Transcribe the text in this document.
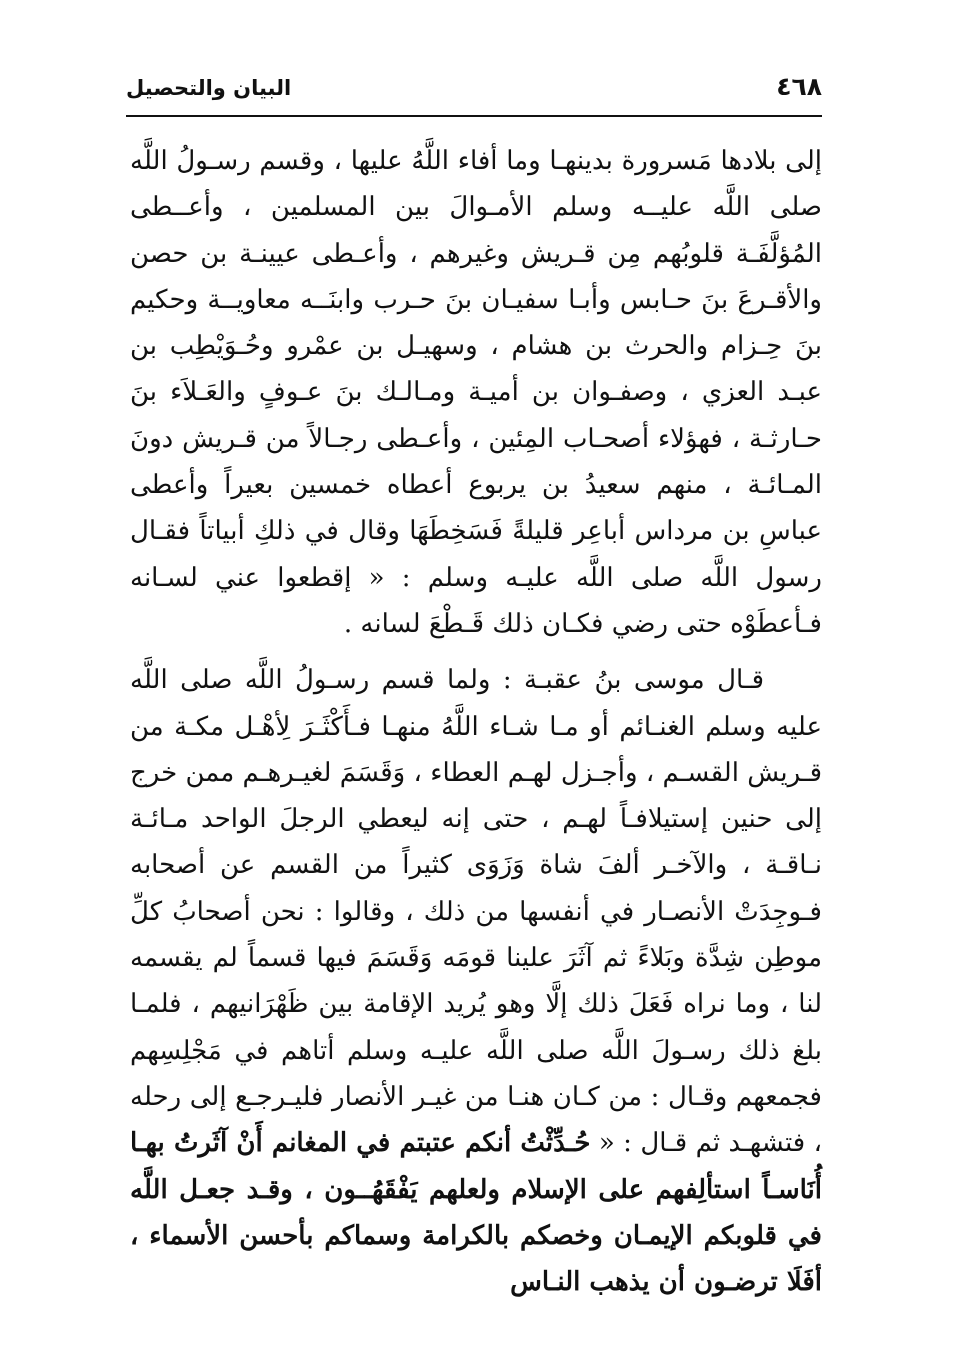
٤٦٨
البيان والتحصيل

إلى بلادها مَسرورة بدينهـا وما أفاء اللَّهُ عليها ، وقسم رسـولُ اللَّه صلى اللَّه عليــه وسلم الأمـوالَ بين المسلمين ، وأعــطى المُؤلَّفَـة قلوبُهم مِن قـريش وغيرهم ، وأعـطى عيينـة بن حصن والأقـرعَ بنَ حـابس وأبـا سفيـان بنَ حـرب وابنَــه معاويــة وحكيم بنَ حِـزام والحرث بن هشام ، وسهيـل بن عمْرو وحُـوَيْطِب بن عبـد العزي ، وصفـوان بن أميـة ومـالـك بنَ عـوفٍ والعَـلاَء بنَ حـارثـة ، فهؤلاء أصحـاب المِئين ، وأعـطى رجـالاً من قـريش دونَ المـائـة ، منهم سعيدُ بن يربوع أعطاه خمسين بعيراً وأعطى عباسِ بن مرداس أباعِر قليلةً فَسَخِطَهَا وقال في ذلكِ أبياتاً فقـال رسول اللَّه صلى اللَّه عليـه وسلم : « إقطعوا عني لسـانه فـأعطَوْه حتى رضي فكـان ذلك قَـطْعَ لسانه .

قـال موسى بنُ عقبـة : ولما قسم رسـولُ اللَّه صلى اللَّه عليه وسلم الغنـائم أو مـا شـاء اللَّهُ منهـا فـأَكْثَـرَ لِأهْـل مكـة من قـريش القسـم ، وأجـزل لهـم العطاء ، وَقَسَمَ لغيـرهـم ممن خرج إلى حنين إستيلافـاً لهـم ، حتى إنه ليعطي الرجلَ الواحد مـائـة نـاقـة ، والآخـر ألفَ شاة وَزَوَى كثيراً من القسم عن أصحابه فـوجِدَتْ الأنصـار في أنفسها من ذلك ، وقالوا : نحن أصحابُ كلِّ موطِن شِدَّة وبَلاءً ثم آثَرَ علينا قومَه وَقَسَمَ فيها قسماً لم يقسمه لنا ، وما نراه فَعَلَ ذلك إلَّا وهو يُريد الإقامة بين ظَهْرَانيهم ، فلمـا بلغ ذلك رسـولَ اللَّه صلى اللَّه عليـه وسلم أتاهم في مَجْلِسِهم فجمعهم وقـال : من كـان هنـا من غيـر الأنصار فليـرجـع إلى رحله ، فتشهـد ثم قـال : « حُـدِّثْتُ أنكم عتبتم في المغانم أَنْ آثَرتُ بهـا أُنَاسـاً استألِفهم على الإسلام ولعلهم يَفْقَهُــون ، وقـد جعـل اللَّه في قلوبكم الإيمـان وخصكم بالكرامة وسماكم بأحسن الأسماء ، أفَلَا ترضـون أن يذهب النـاس
